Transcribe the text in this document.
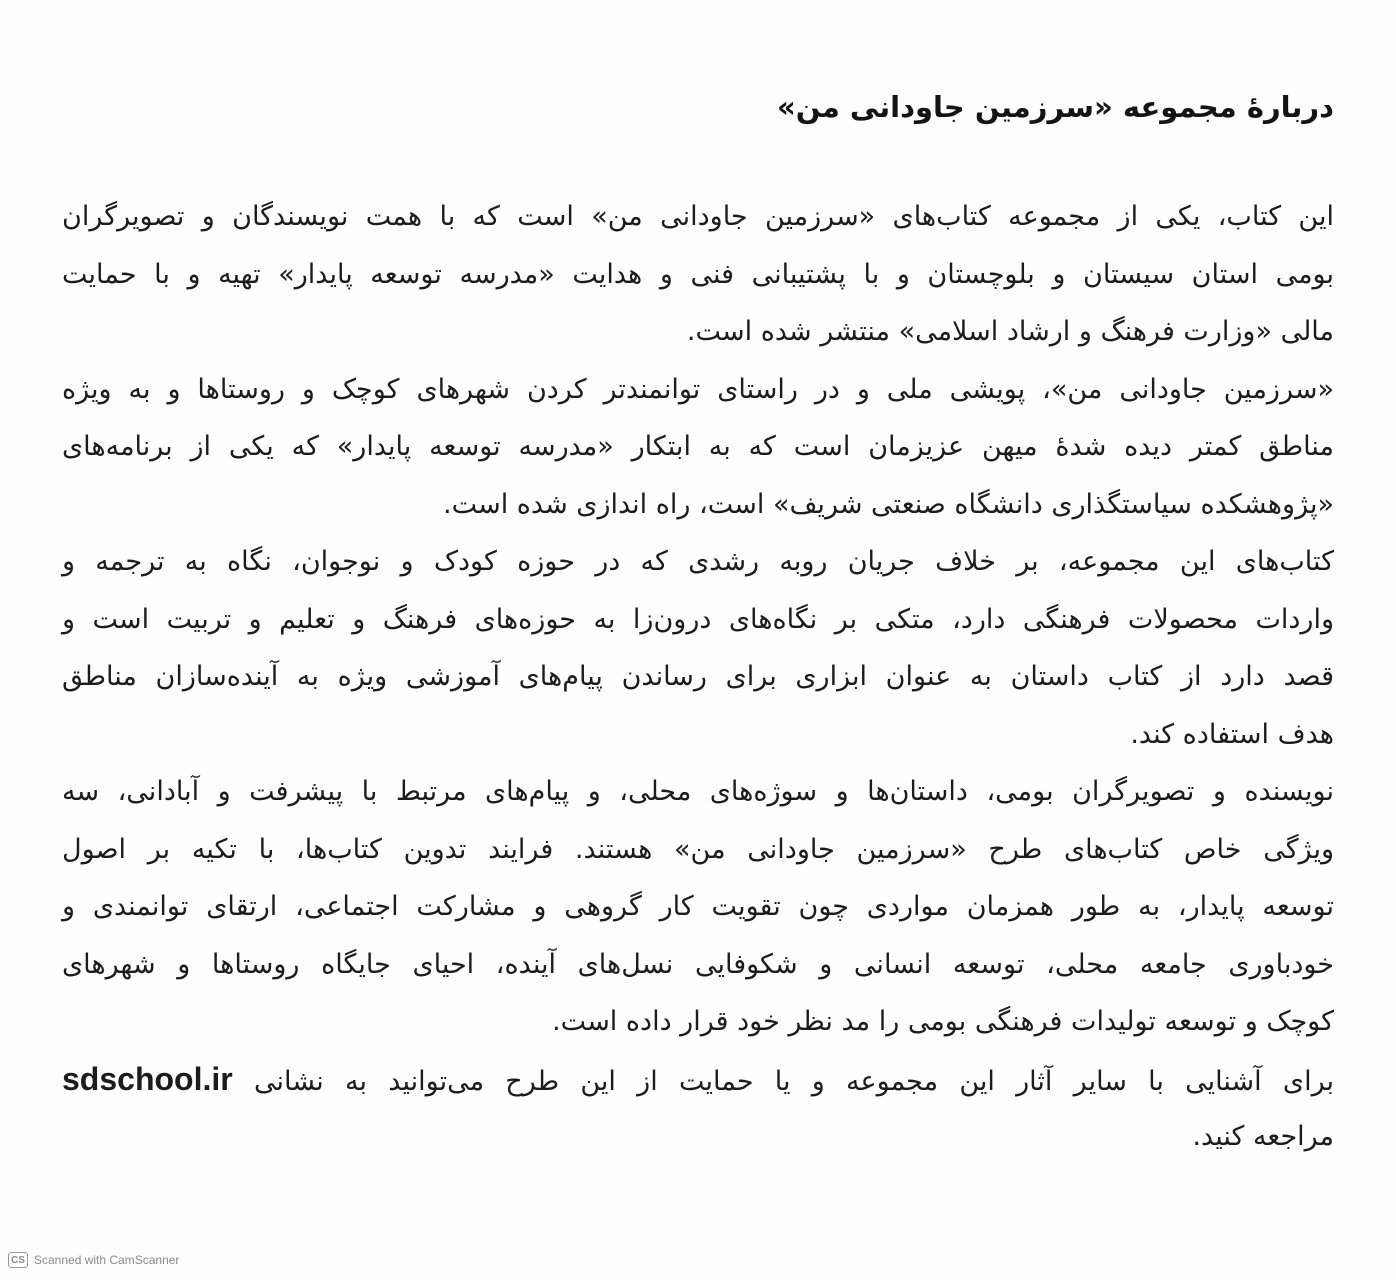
دربارهٔ مجموعه «سرزمین جاودانی من»

این کتاب، یکی از مجموعه کتاب‌های «سرزمین جاودانی من» است که با همت نویسندگان و تصویرگران
بومی استان سیستان و بلوچستان و با پشتیبانی فنی و هدایت «مدرسه توسعه پایدار» تهیه و با حمایت
مالی «وزارت فرهنگ و ارشاد اسلامی» منتشر شده است.

«سرزمین جاودانی من»، پویشی ملی و در راستای توانمندتر کردن شهرهای کوچک و روستاها و به ویژه
مناطق کمتر دیده شدهٔ میهن عزیزمان است که به ابتکار «مدرسه توسعه پایدار» که یکی از برنامه‌های
«پژوهشکده سیاستگذاری دانشگاه صنعتی شریف» است، راه اندازی شده است.

کتاب‌های این مجموعه، بر خلاف جریان روبه رشدی که در حوزه کودک و نوجوان، نگاه به ترجمه و
واردات محصولات فرهنگی دارد، متکی بر نگاه‌های درون‌زا به حوزه‌های فرهنگ و تعلیم و تربیت است و
قصد دارد از کتاب داستان به عنوان ابزاری برای رساندن پیام‌های آموزشی ویژه به آینده‌سازان مناطق
هدف استفاده کند.

نویسنده و تصویرگران بومی، داستان‌ها و سوژه‌های محلی، و پیام‌های مرتبط با پیشرفت و آبادانی، سه
ویژگی خاص کتاب‌های طرح «سرزمین جاودانی من» هستند. فرایند تدوین کتاب‌ها، با تکیه بر اصول
توسعه پایدار، به طور همزمان مواردی چون تقویت کار گروهی و مشارکت اجتماعی، ارتقای توانمندی و
خودباوری جامعه محلی، توسعه انسانی و شکوفایی نسل‌های آینده، احیای جایگاه روستاها و شهرهای
کوچک و توسعه تولیدات فرهنگی بومی را مد نظر خود قرار داده است.

برای آشنایی با سایر آثار این مجموعه و یا حمایت از این طرح می‌توانید به نشانی sdschool.ir
مراجعه کنید.

CS Scanned with CamScanner
